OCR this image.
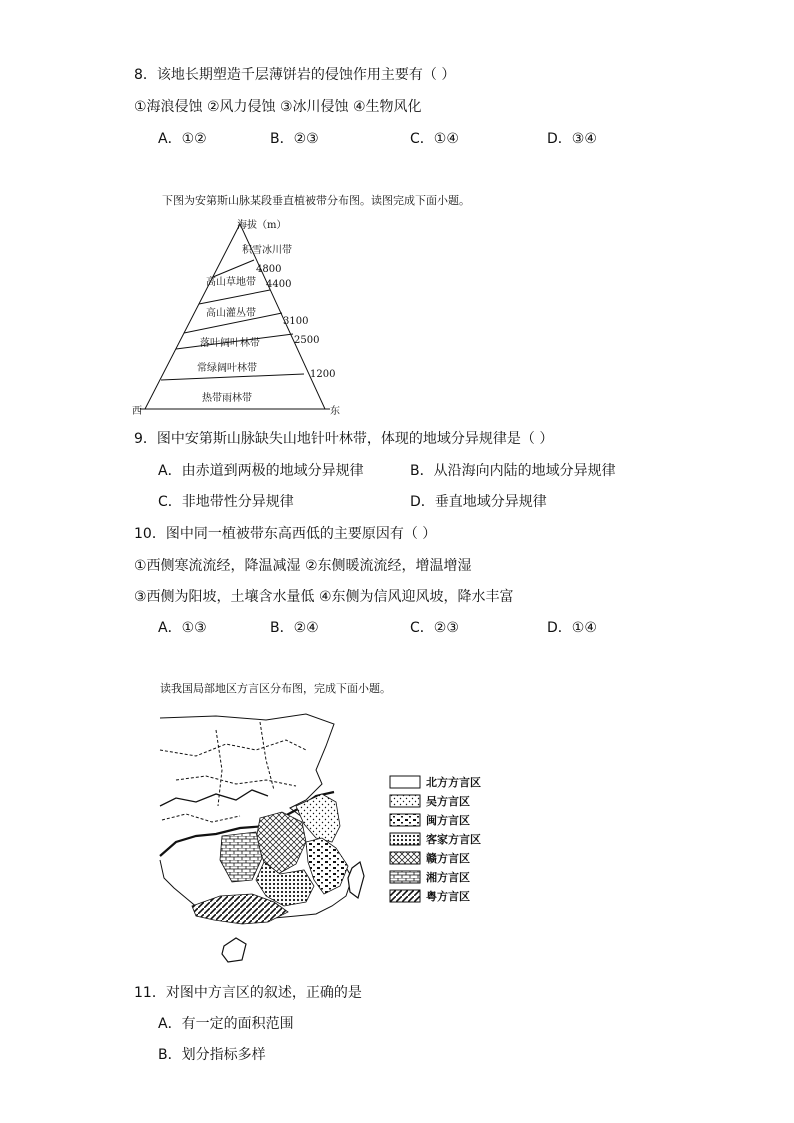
8．该地长期塑造千层薄饼岩的侵蚀作用主要有（ ）
①海浪侵蚀 ②风力侵蚀 ③冰川侵蚀 ④生物风化
A．①②	B．②③	C．①④	D．③④
下图为安第斯山脉某段垂直植被带分布图。读图完成下面小题。
海拔（m）
积雪冰川带
高山草地带
高山灌丛带
落叶阔叶林带
常绿阔叶林带
热带雨林带
4800
4400
3100
2500
1200
西	东
9．图中安第斯山脉缺失山地针叶林带，体现的地域分异规律是（ ）
A．由赤道到两极的地域分异规律	B．从沿海向内陆的地域分异规律
C．非地带性分异规律	D．垂直地域分异规律
10．图中同一植被带东高西低的主要原因有（ ）
①西侧寒流流经，降温减湿 ②东侧暖流流经，增温增湿
③西侧为阳坡，土壤含水量低 ④东侧为信风迎风坡，降水丰富
A．①③	B．②④	C．②③	D．①④
读我国局部地区方言区分布图，完成下面小题。
北方方言区
吴方言区
闽方言区
客家方言区
赣方言区
湘方言区
粤方言区
11．对图中方言区的叙述，正确的是
A．有一定的面积范围
B．划分指标多样
